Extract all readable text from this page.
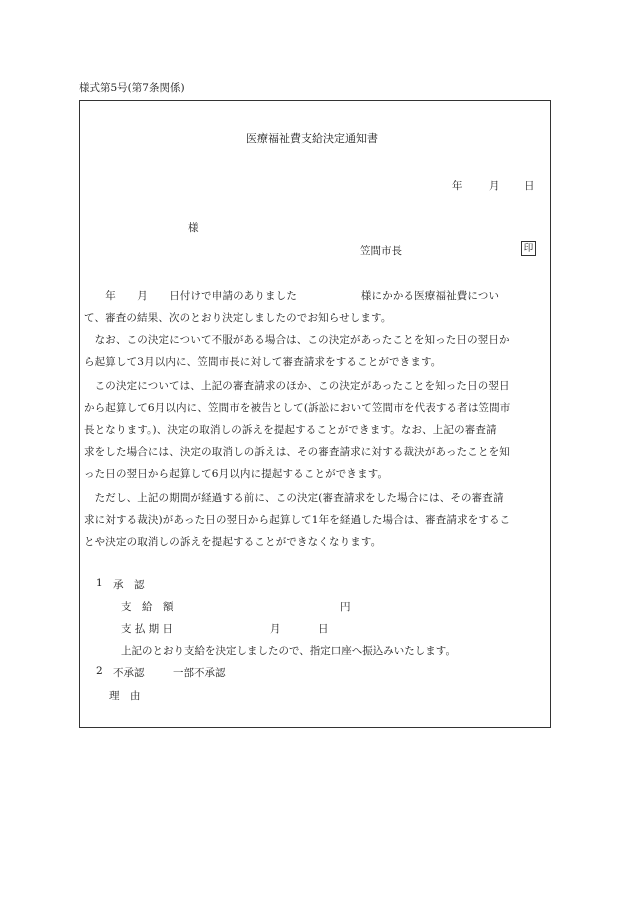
様式第5号(第7条関係)
医療福祉費支給決定通知書
年	月 日
様
笠間市長	印
　　年　　月　　日付けで申請のありました　　　　　　様にかかる医療福祉費につい
て、審査の結果、次のとおり決定しましたのでお知らせします。
　なお、この決定について不服がある場合は、この決定があったことを知った日の翌日か
ら起算して3月以内に、笠間市長に対して審査請求をすることができます。
　この決定については、上記の審査請求のほか、この決定があったことを知った日の翌日
から起算して6月以内に、笠間市を被告として(訴訟において笠間市を代表する者は笠間市
長となります。)、決定の取消しの訴えを提起することができます。なお、上記の審査請
求をした場合には、決定の取消しの訴えは、その審査請求に対する裁決があったことを知
った日の翌日から起算して6月以内に提起することができます。
　ただし、上記の期間が経過する前に、この決定(審査請求をした場合には、その審査請
求に対する裁決)があった日の翌日から起算して1年を経過した場合は、審査請求をするこ
とや決定の取消しの訴えを提起することができなくなります。
1 承　認
支　給　額	円
支 払 期 日	月	日
上記のとおり支給を決定しましたので、指定口座へ振込みいたします。
2 不承認	一部不承認
理　由
